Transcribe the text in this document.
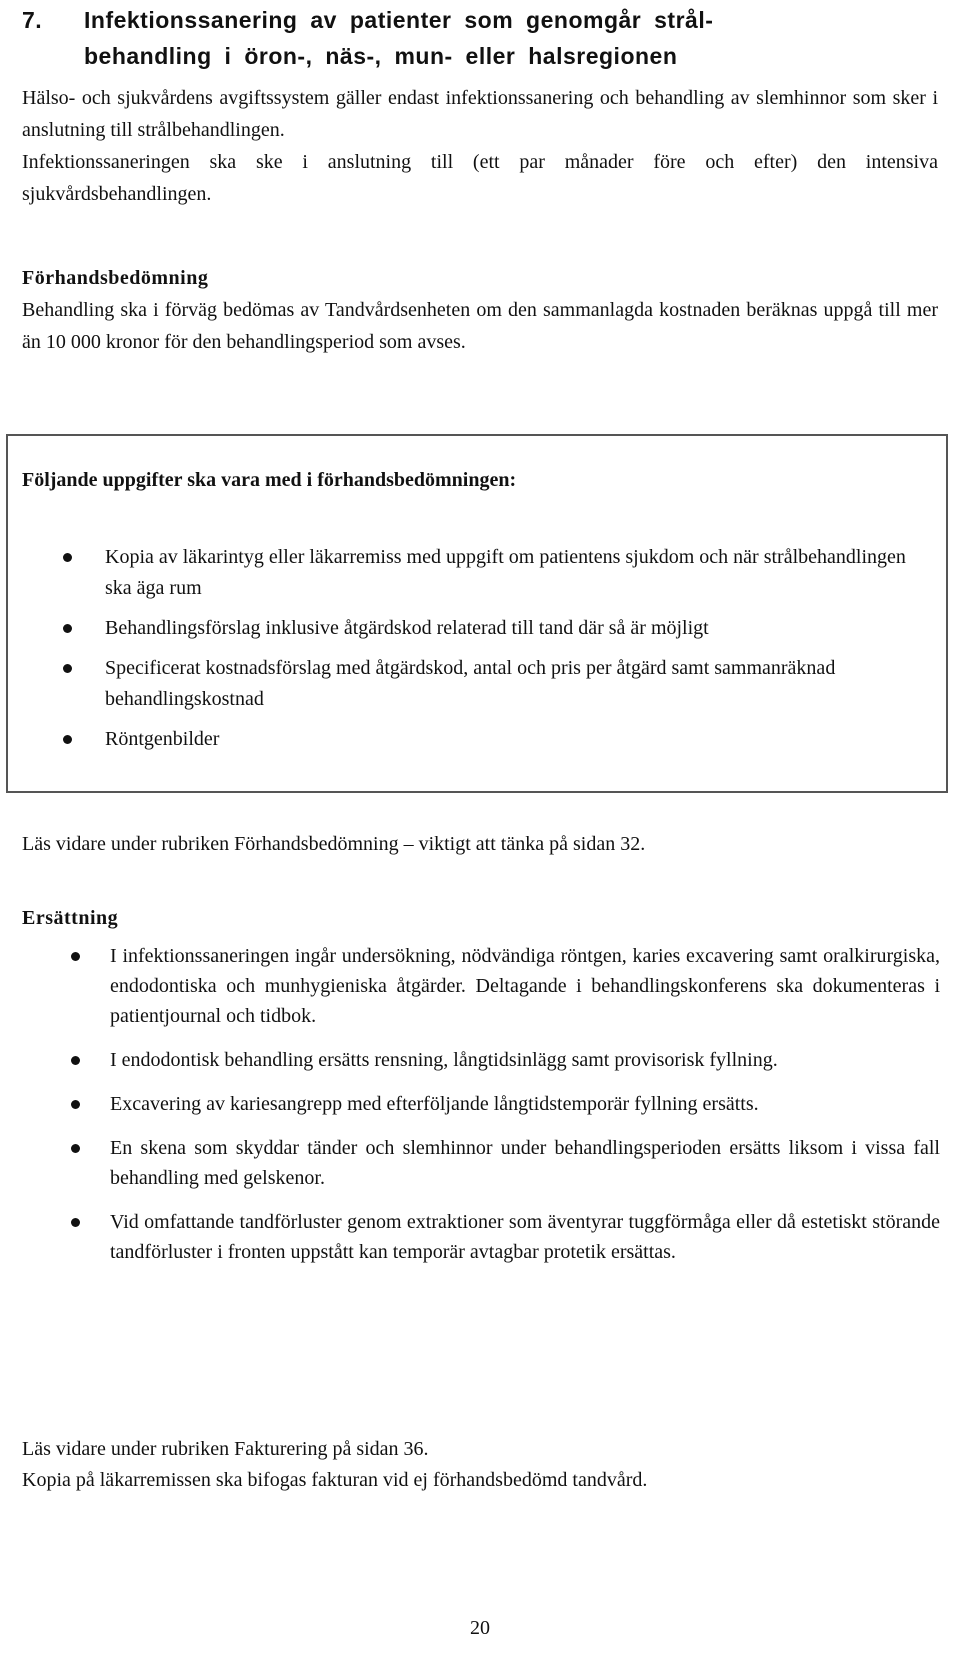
7. Infektionssanering av patienter som genomgår strål-
behandling i öron-, näs-, mun- eller halsregionen
Hälso- och sjukvårdens avgiftssystem gäller endast infektionssanering och behandling av slemhinnor som sker i anslutning till strålbehandlingen.
Infektionssaneringen ska ske i anslutning till (ett par månader före och efter) den intensiva sjukvårdsbehandlingen.
Förhandsbedömning
Behandling ska i förväg bedömas av Tandvårdsenheten om den sammanlagda kostnaden beräknas uppgå till mer än 10 000 kronor för den behandlingsperiod som avses.
Följande uppgifter ska vara med i förhandsbedömningen:
Kopia av läkarintyg eller läkarremiss med uppgift om patientens sjukdom och när strålbehandlingen ska äga rum
Behandlingsförslag inklusive åtgärdskod relaterad till tand där så är möjligt
Specificerat kostnadsförslag med åtgärdskod, antal och pris per åtgärd samt sammanräknad behandlingskostnad
Röntgenbilder
Läs vidare under rubriken Förhandsbedömning – viktigt att tänka på sidan 32.
Ersättning
I infektionssaneringen ingår undersökning, nödvändiga röntgen, karies excavering samt oralkirurgiska, endodontiska och munhygieniska åtgärder. Deltagande i behandlingskonferens ska dokumenteras i patientjournal och tidbok.
I endodontisk behandling ersätts rensning, långtidsinlägg samt provisorisk fyllning.
Excavering av kariesangrepp med efterföljande långtidstemporär fyllning ersätts.
En skena som skyddar tänder och slemhinnor under behandlingsperioden ersätts liksom i vissa fall behandling med gelskenor.
Vid omfattande tandförluster genom extraktioner som äventyrar tuggförmåga eller då estetiskt störande tandförluster i fronten uppstått kan temporär avtagbar protetik ersättas.
Läs vidare under rubriken Fakturering på sidan 36.
Kopia på läkarremissen ska bifogas fakturan vid ej förhandsbedömd tandvård.
20
